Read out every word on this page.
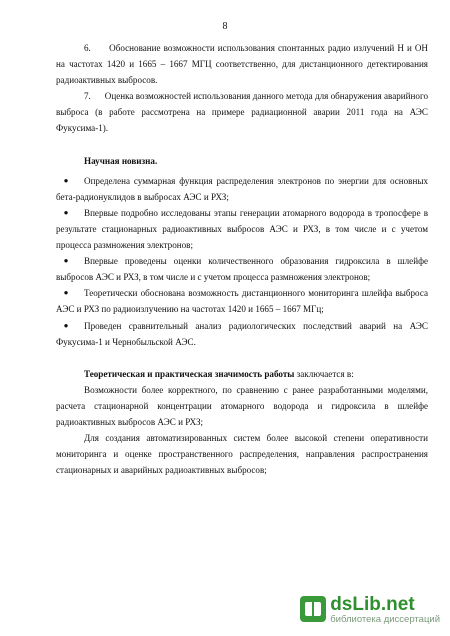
8

6.      Обоснование возможности использования спонтанных радио излучений Н и ОН на частотах 1420 и 1665 – 1667 МГЦ соответственно, для дистанционного детектирования радиоактивных выбросов.

7.      Оценка возможностей использования данного метода для обнаружения аварийного выброса (в работе рассмотрена на примере радиационной аварии 2011 года на АЭС Фукусима-1).

Научная новизна.

●	Определена суммарная функция распределения электронов по энергии для основных бета-радионуклидов в выбросах АЭС и РХЗ;
●	Впервые подробно исследованы этапы генерации атомарного водорода в тропосфере в результате стационарных радиоактивных выбросов АЭС и РХЗ, в том числе и с учетом процесса размножения электронов;
●	Впервые проведены оценки количественного образования гидроксила в шлейфе выбросов АЭС и РХЗ, в том числе и с учетом процесса размножения электронов;
●	Теоретически обоснована возможность дистанционного мониторинга шлейфа выброса АЭС и РХЗ по радиоизлучению на частотах 1420 и 1665 – 1667 МГц;
●	Проведен сравнительный анализ радиологических последствий аварий на АЭС Фукусима-1 и Чернобыльской АЭС.

Теоретическая и практическая значимость работы заключается в:

Возможности более корректного, по сравнению с ранее разработанными моделями, расчета стационарной концентрации атомарного водорода и гидроксила в шлейфе радиоактивных выбросов АЭС и РХЗ;

Для создания автоматизированных систем более высокой степени оперативности мониторинга и оценке пространственного распределения, направления распространения стационарных и аварийных радиоактивных выбросов;

dsLib.net
библиотека диссертаций
